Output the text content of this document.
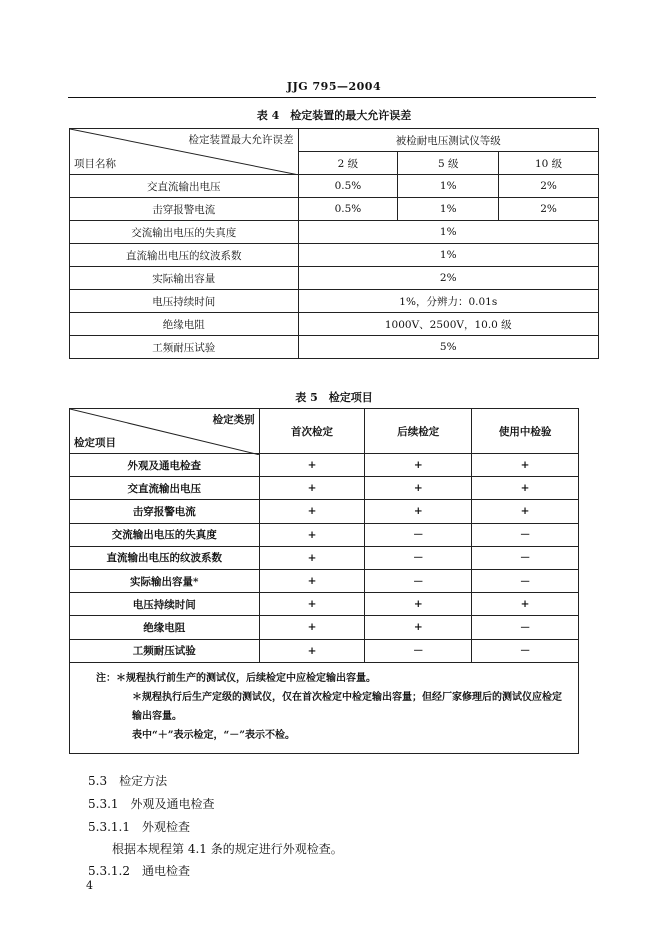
JJG 795—2004
表 4　检定装置的最大允许误差
检定装置最大允许误差
项目名称	被检耐电压测试仪等级		
	2 级	5 级	10 级
交直流输出电压	0.5%	1%	2%
击穿报警电流	0.5%	1%	2%
交流输出电压的失真度	1%		
直流输出电压的纹波系数	1%		
实际输出容量	2%		
电压持续时间	1%，分辨力：0.01s		
绝缘电阻	1000V、2500V，10.0 级		
工频耐压试验	5%		
表 5　检定项目
检定类别
检定项目	首次检定	后续检定	使用中检验
外观及通电检查	+	+	+
交直流输出电压	+	+	+
击穿报警电流	+	+	+
交流输出电压的失真度	+	－	－
直流输出电压的纹波系数	+	－	－
实际输出容量*	+	－	－
电压持续时间	+	+	+
绝缘电阻	+	+	－
工频耐压试验	+	－	－

注：＊规程执行前生产的测试仪，后续检定中应检定输出容量。
＊规程执行后生产定级的测试仪，仅在首次检定中检定输出容量；但经厂家修理后的测试仪应检定输出容量。
表中“＋”表示检定，“－”表示不检。			
5.3　检定方法
5.3.1　外观及通电检查
5.3.1.1　外观检查
根据本规程第 4.1 条的规定进行外观检查。
5.3.1.2　通电检查
4
